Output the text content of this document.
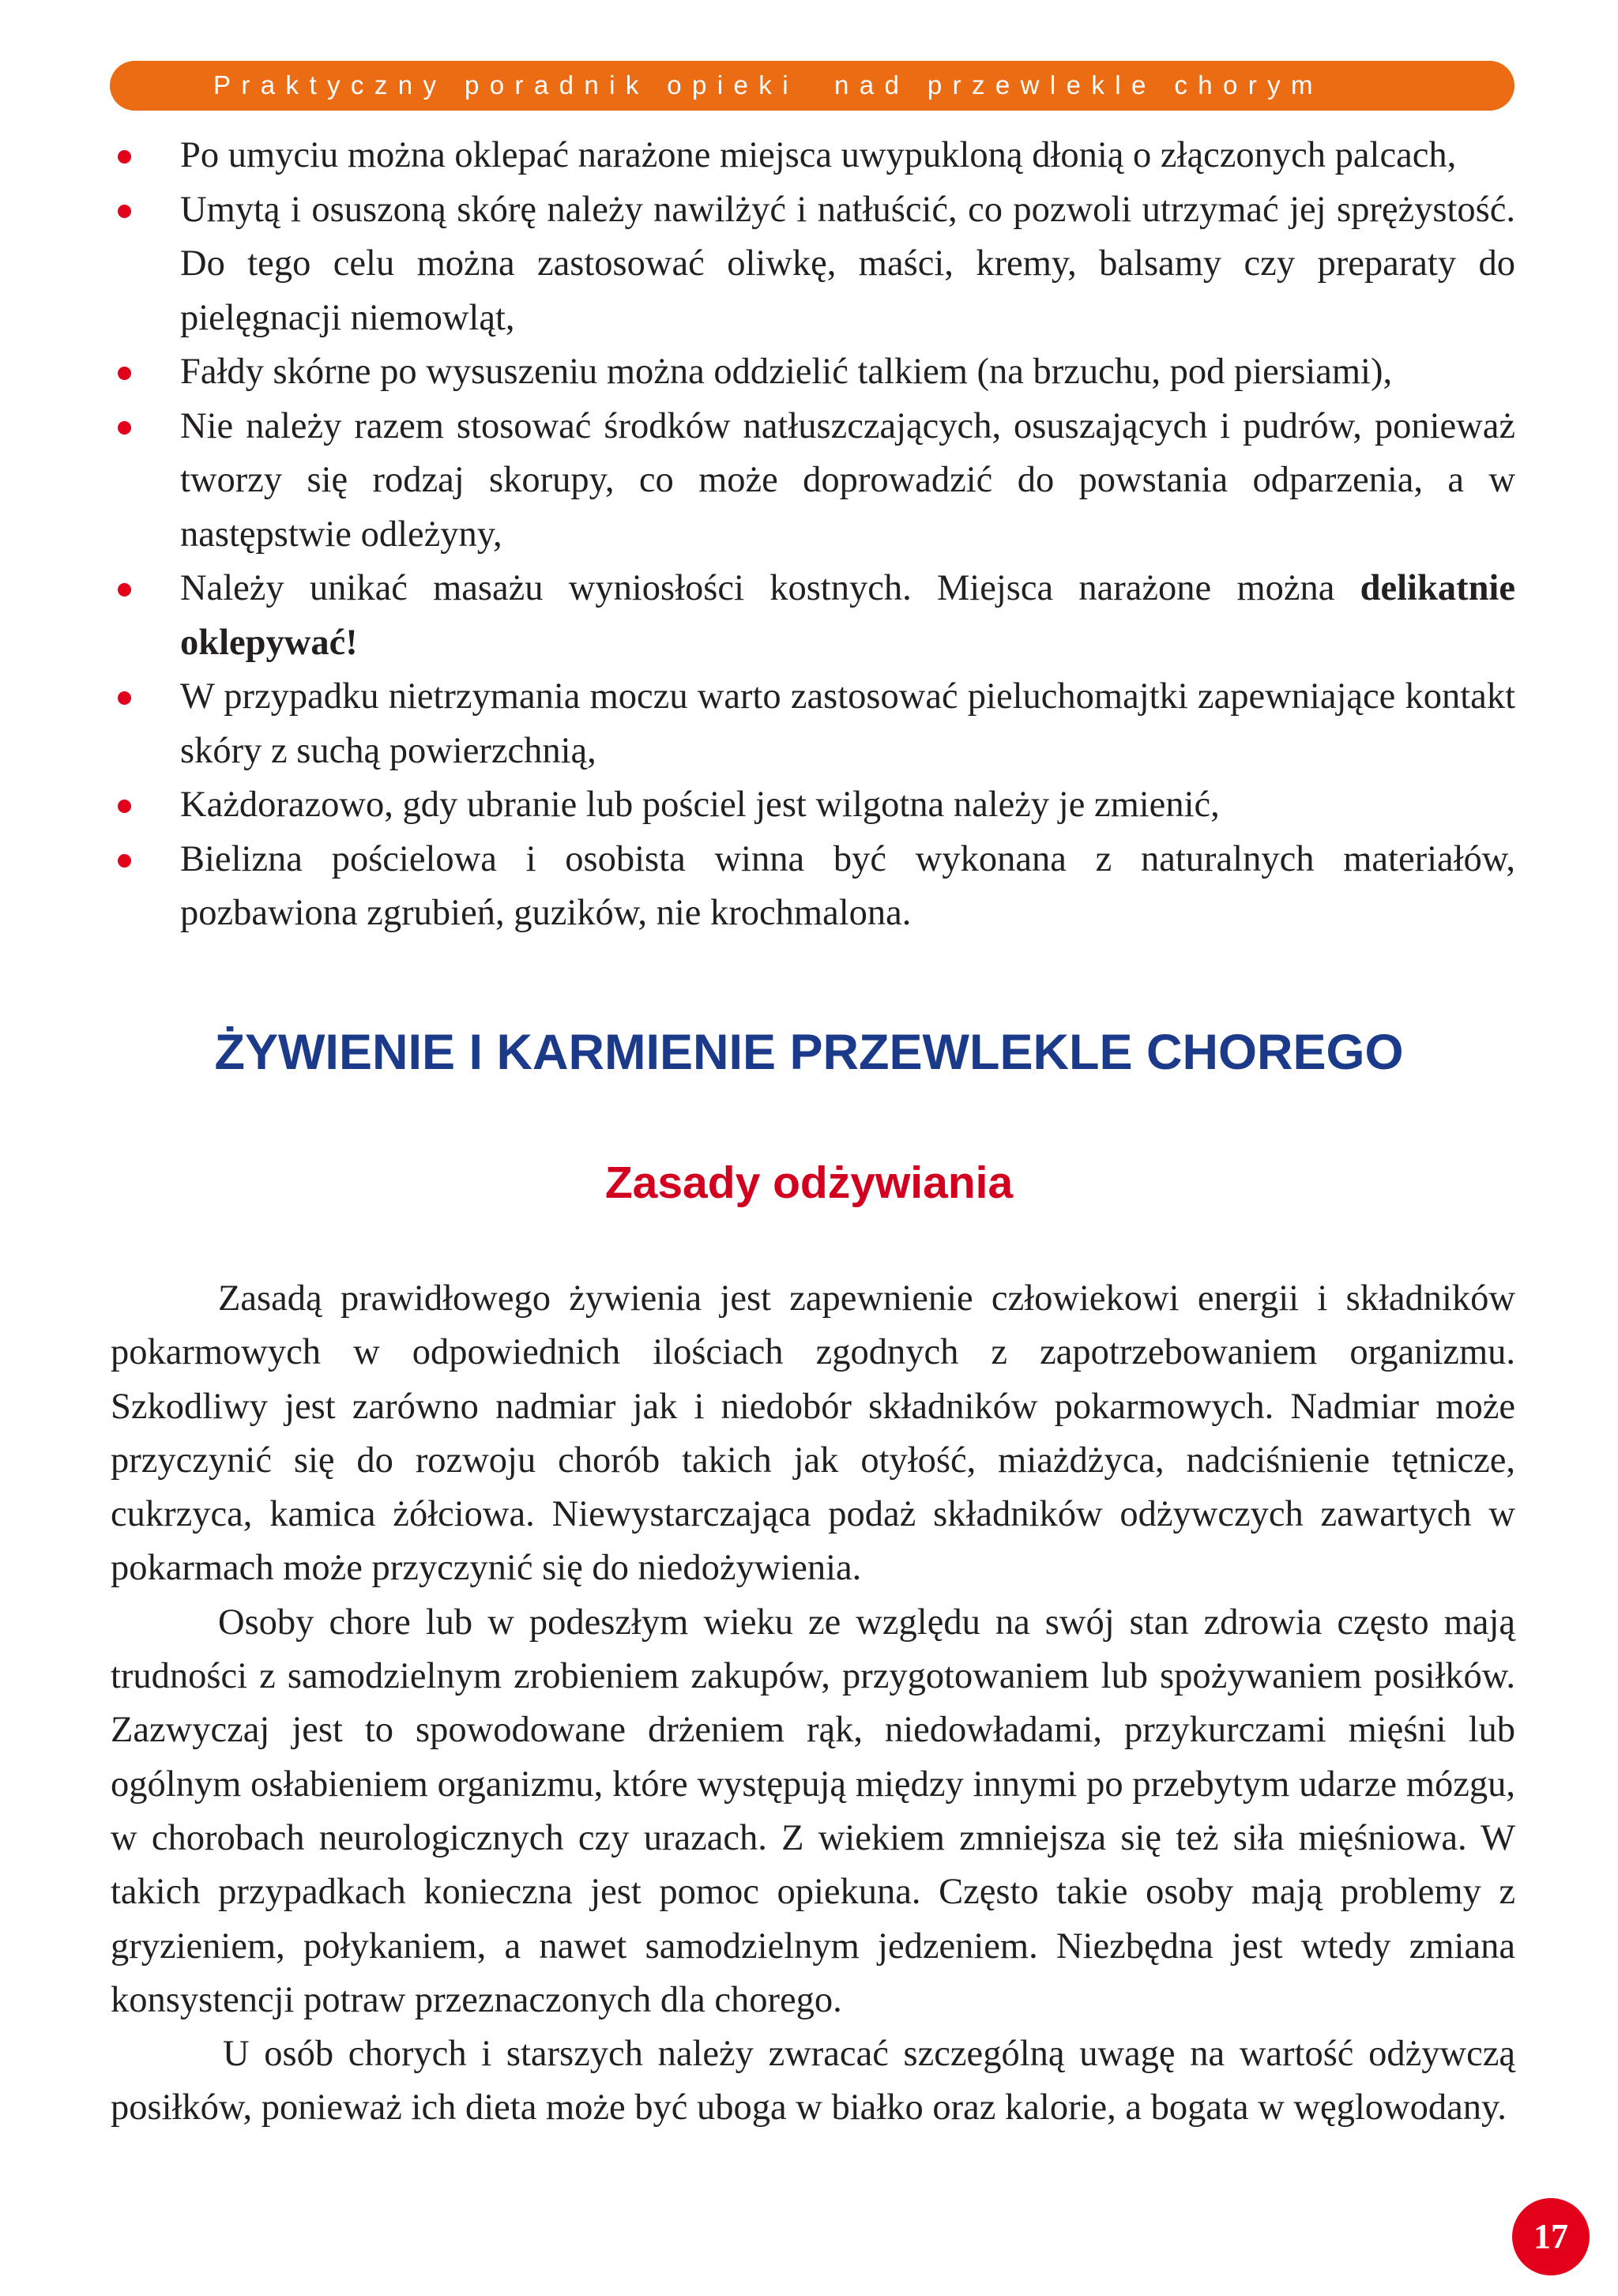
Praktyczny poradnik opieki  nad przewlekle chorym
Po umyciu można oklepać narażone miejsca uwypukloną dłonią o złączonych palcach,
Umytą i osuszoną skórę należy nawilżyć i natłuścić, co pozwoli utrzymać jej sprężystość. Do tego celu można zastosować oliwkę, maści, kremy, balsamy czy preparaty do pielęgnacji niemowląt,
Fałdy skórne po wysuszeniu można oddzielić talkiem (na brzuchu, pod piersiami),
Nie należy razem stosować środków natłuszczających, osuszających i pudrów, ponieważ tworzy się rodzaj skorupy, co może doprowadzić do powstania odparzenia, a w następstwie odleżyny,
Należy unikać masażu wyniosłości kostnych. Miejsca narażone można delikatnie oklepywać!
W przypadku nietrzymania moczu warto zastosować pieluchomajtki zapewniające kontakt skóry z suchą powierzchnią,
Każdorazowo, gdy ubranie lub pościel jest wilgotna należy je zmienić,
Bielizna pościelowa i osobista winna być wykonana z naturalnych materiałów, pozbawiona zgrubień, guzików, nie krochmalona.
ŻYWIENIE I KARMIENIE PRZEWLEKLE CHOREGO
Zasady odżywiania

Zasadą prawidłowego żywienia jest zapewnienie człowiekowi energii i składników pokarmowych w odpowiednich ilościach zgodnych z zapotrzebowaniem organizmu. Szkodliwy jest zarówno nadmiar jak i niedobór składników pokarmowych. Nadmiar może przyczynić się do rozwoju chorób takich jak otyłość, miażdżyca, nadciśnienie tętnicze, cukrzyca, kamica żółciowa. Niewystarczająca podaż składników odżywczych zawartych w pokarmach może przyczynić się do niedożywienia.

Osoby chore lub w podeszłym wieku ze względu na swój stan zdrowia często mają trudności z samodzielnym zrobieniem zakupów, przygotowaniem lub spożywaniem posiłków. Zazwyczaj jest to spowodowane drżeniem rąk, niedowładami, przykurczami mięśni lub ogólnym osłabieniem organizmu, które występują między innymi po przebytym udarze mózgu, w chorobach neurologicznych czy urazach. Z wiekiem zmniejsza się też siła mięśniowa. W takich przypadkach konieczna jest pomoc opiekuna. Często takie osoby mają problemy z gryzieniem, połykaniem, a nawet samodzielnym jedzeniem. Niezbędna jest wtedy zmiana konsystencji potraw przeznaczonych dla chorego.

U osób chorych i starszych należy zwracać szczególną uwagę na wartość odżywczą posiłków, ponieważ ich dieta może być uboga w białko oraz kalorie, a bogata w węglowodany.

17
